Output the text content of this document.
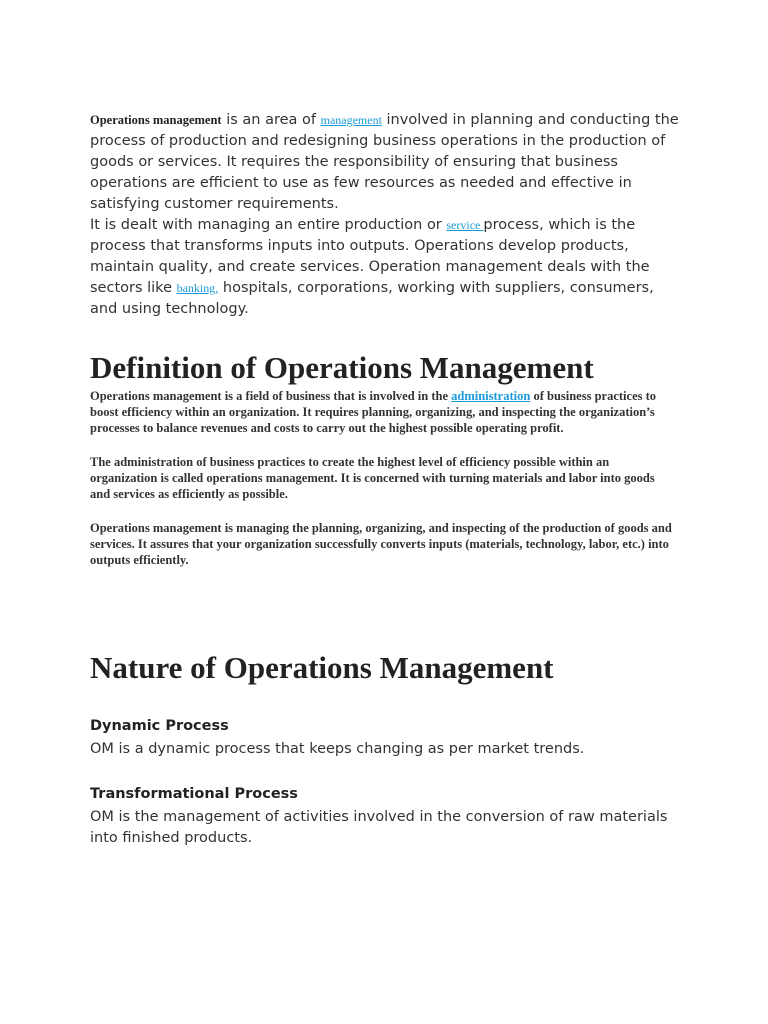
Operations management is an area of management involved in planning and conducting the process of production and redesigning business operations in the production of goods or services. It requires the responsibility of ensuring that business operations are efficient to use as few resources as needed and effective in satisfying customer requirements.

It is dealt with managing an entire production or service process, which is the process that transforms inputs into outputs. Operations develop products, maintain quality, and create services. Operation management deals with the sectors like banking, hospitals, corporations, working with suppliers, consumers, and using technology.

Definition of Operations Management

Operations management is a field of business that is involved in the administration of business practices to boost efficiency within an organization. It requires planning, organizing, and inspecting the organization’s processes to balance revenues and costs to carry out the highest possible operating profit.

The administration of business practices to create the highest level of efficiency possible within an organization is called operations management. It is concerned with turning materials and labor into goods and services as efficiently as possible.

Operations management is managing the planning, organizing, and inspecting of the production of goods and services. It assures that your organization successfully converts inputs (materials, technology, labor, etc.) into outputs efficiently.

Nature of Operations Management

Dynamic Process

OM is a dynamic process that keeps changing as per market trends.

Transformational Process

OM is the management of activities involved in the conversion of raw materials into finished products.
